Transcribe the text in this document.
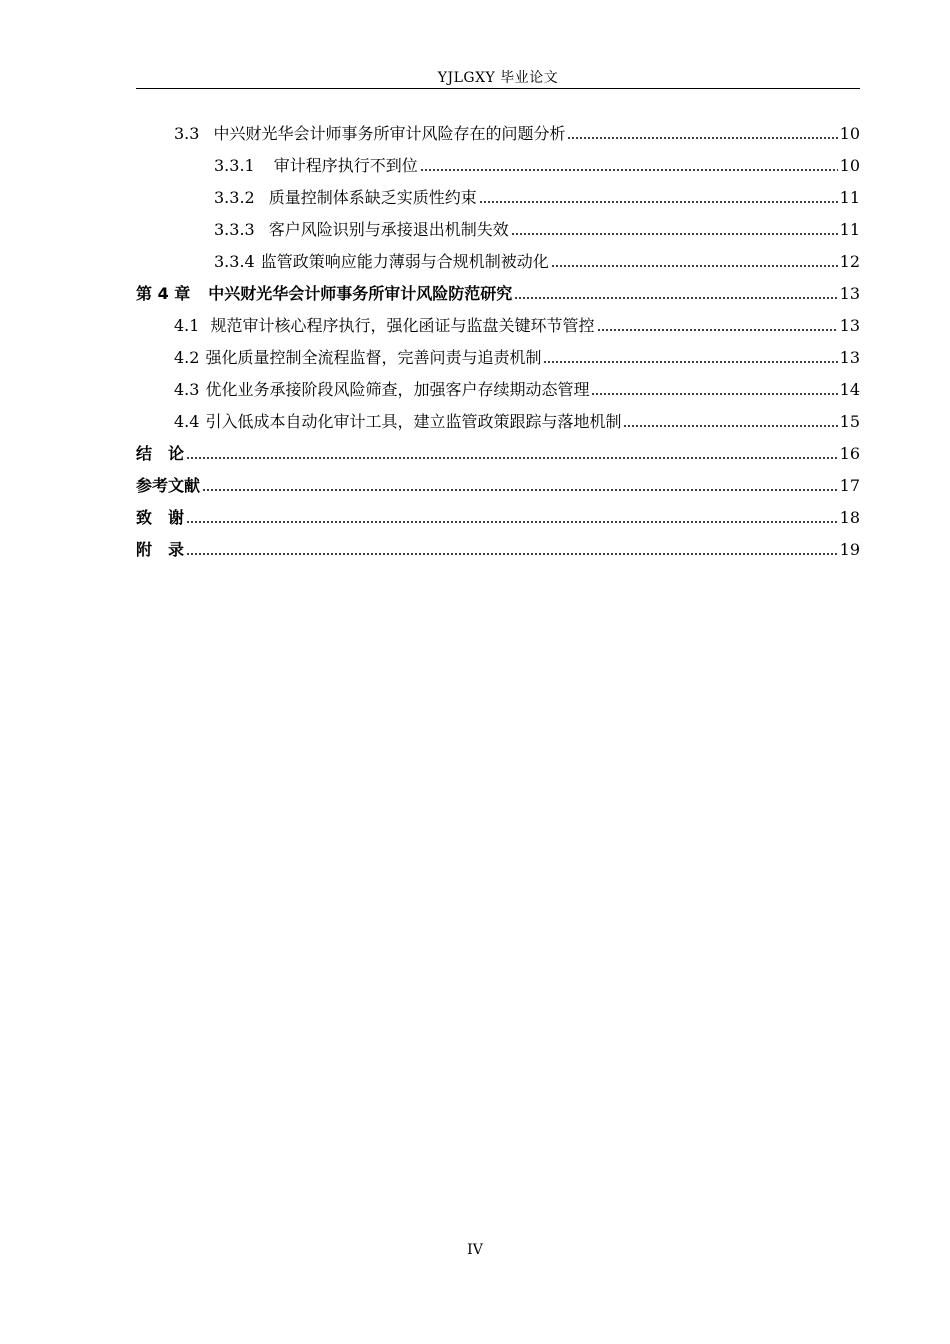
YJLGXY 毕业论文
3.3 中兴财光华会计师事务所审计风险存在的问题分析	10
3.3.1 审计程序执行不到位	10
3.3.2 质量控制体系缺乏实质性约束	11
3.3.3 客户风险识别与承接退出机制失效	11
3.3.4 监管政策响应能力薄弱与合规机制被动化	12
第 4 章 中兴财光华会计师事务所审计风险防范研究	13
4.1 规范审计核心程序执行，强化函证与监盘关键环节管控	13
4.2 强化质量控制全流程监督，完善问责与追责机制	13
4.3 优化业务承接阶段风险筛查，加强客户存续期动态管理	14
4.4 引入低成本自动化审计工具，建立监管政策跟踪与落地机制	15
结　论	16
参考文献	17
致　谢	18
附　录	19
IV
